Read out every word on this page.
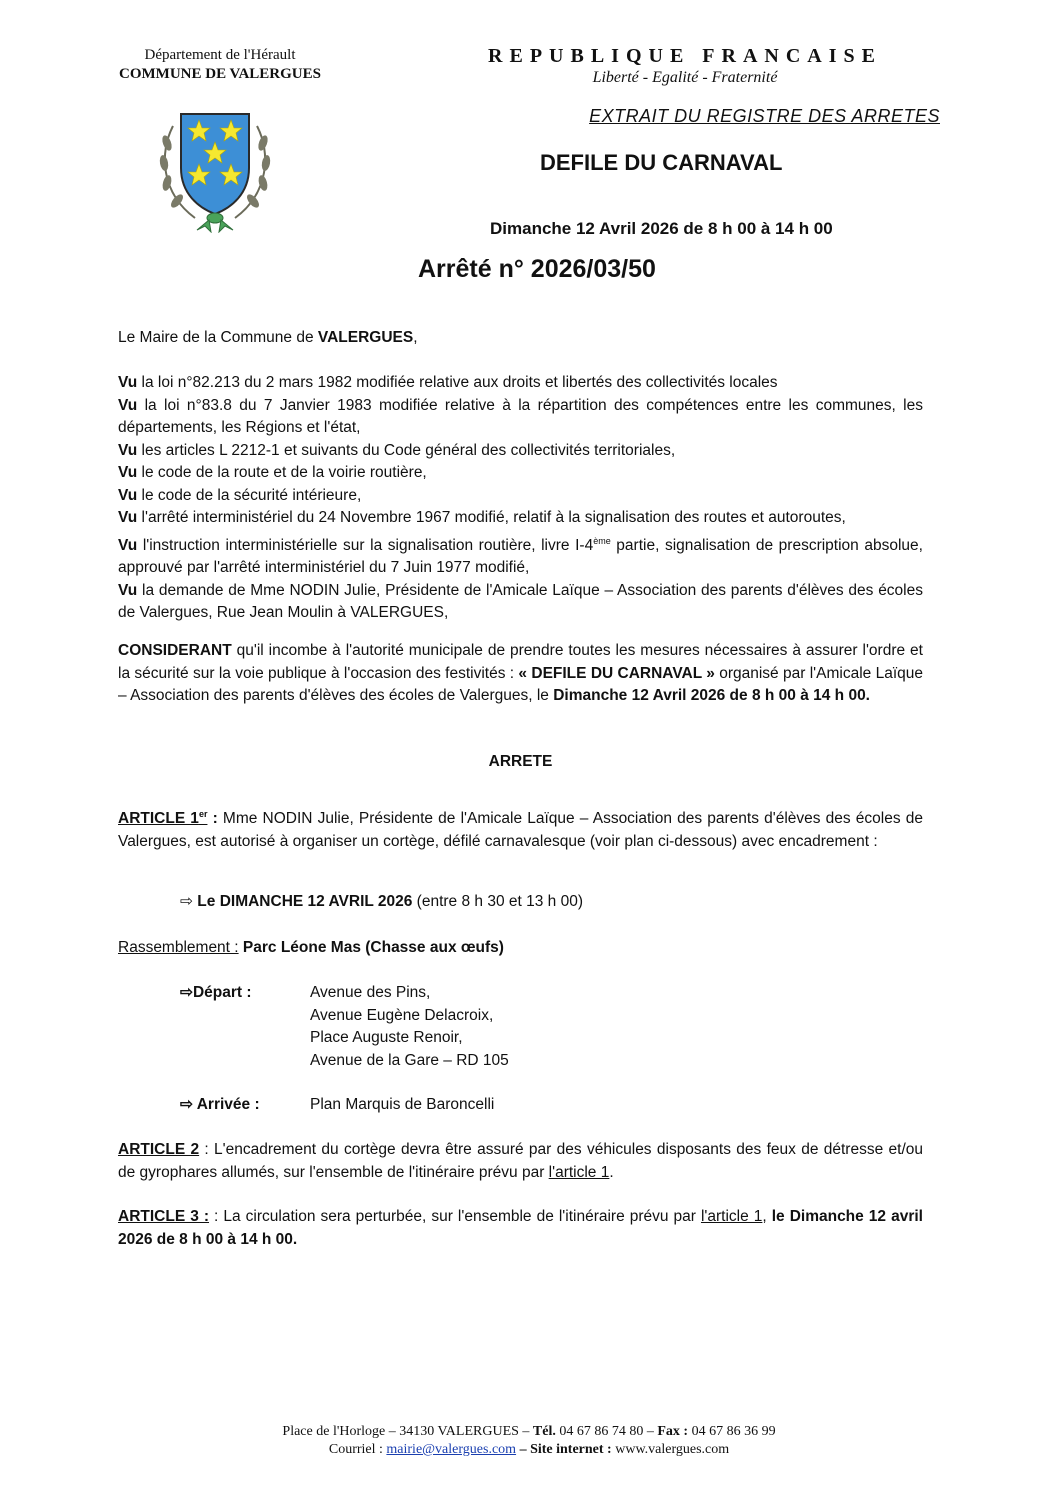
Département de l'Hérault
COMMUNE DE VALERGUES
REPUBLIQUE FRANCAISE
Liberté - Egalité - Fraternité
EXTRAIT DU REGISTRE DES ARRETES
DEFILE DU CARNAVAL
Dimanche 12 Avril 2026 de 8 h 00 à 14 h 00
Arrêté n° 2026/03/50

Le Maire de la Commune de VALERGUES,

Vu la loi n°82.213 du 2 mars 1982 modifiée relative aux droits et libertés des collectivités locales

Vu la loi n°83.8 du 7 Janvier 1983 modifiée relative à la répartition des compétences entre les communes, les départements, les Régions et l'état,

Vu les articles L 2212-1 et suivants du Code général des collectivités territoriales,

Vu le code de la route et de la voirie routière,

Vu le code de la sécurité intérieure,

Vu l'arrêté interministériel du 24 Novembre 1967 modifié, relatif à la signalisation des routes et autoroutes,

Vu l'instruction interministérielle sur la signalisation routière, livre I-4ème partie, signalisation de prescription absolue, approuvé par l'arrêté interministériel du 7 Juin 1977 modifié,

Vu la demande de Mme NODIN Julie, Présidente de l'Amicale Laïque – Association des parents d'élèves des écoles de Valergues, Rue Jean Moulin à VALERGUES,

CONSIDERANT qu'il incombe à l'autorité municipale de prendre toutes les mesures nécessaires à assurer l'ordre et la sécurité sur la voie publique à l'occasion des festivités : « DEFILE DU CARNAVAL » organisé par l'Amicale Laïque – Association des parents d'élèves des écoles de Valergues, le Dimanche 12 Avril 2026 de 8 h 00 à 14 h 00.

ARRETE

ARTICLE 1er : Mme NODIN Julie, Présidente de l'Amicale Laïque – Association des parents d'élèves des écoles de Valergues, est autorisé à organiser un cortège, défilé carnavalesque (voir plan ci-dessous) avec encadrement :

⇨ Le DIMANCHE 12 AVRIL 2026 (entre 8 h 30 et 13 h 00)
Rassemblement : Parc Léone Mas (Chasse aux œufs)
⇨Départ :	Avenue des Pins,
Avenue Eugène Delacroix,
Place Auguste Renoir,
Avenue de la Gare – RD 105
⇨ Arrivée :	Plan Marquis de Baroncelli

ARTICLE 2 : L'encadrement du cortège devra être assuré par des véhicules disposants des feux de détresse et/ou de gyrophares allumés, sur l'ensemble de l'itinéraire prévu par l'article 1.

ARTICLE 3 : : La circulation sera perturbée, sur l'ensemble de l'itinéraire prévu par l'article 1, le Dimanche 12 avril 2026 de 8 h 00 à 14 h 00.

Place de l'Horloge – 34130 VALERGUES – Tél. 04 67 86 74 80 – Fax : 04 67 86 36 99
Courriel : mairie@valergues.com – Site internet : www.valergues.com
